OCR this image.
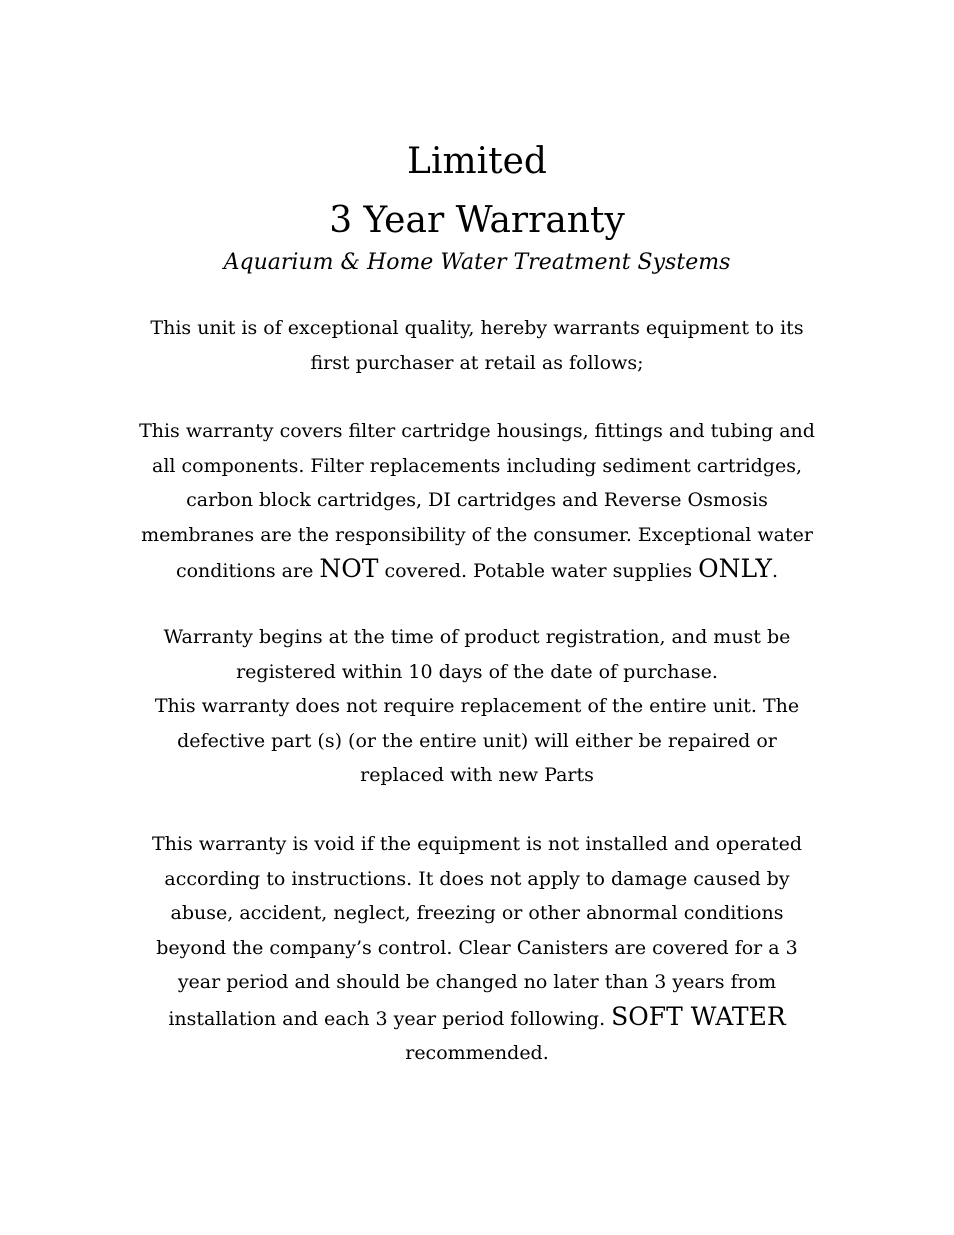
Limited
3 Year Warranty
Aquarium & Home Water Treatment Systems

This unit is of exceptional quality, hereby warrants equipment to its first purchaser at retail as follows;

This warranty covers filter cartridge housings, fittings and tubing and all components. Filter replacements including sediment cartridges, carbon block cartridges, DI cartridges and Reverse Osmosis membranes are the responsibility of the consumer. Exceptional water conditions are NOT covered. Potable water supplies ONLY.

Warranty begins at the time of product registration, and must be registered within 10 days of the date of purchase.

This warranty does not require replacement of the entire unit. The defective part (s) (or the entire unit) will either be repaired or replaced with new Parts

This warranty is void if the equipment is not installed and operated according to instructions. It does not apply to damage caused by abuse, accident, neglect, freezing or other abnormal conditions beyond the company’s control. Clear Canisters are covered for a 3 year period and should be changed no later than 3 years from installation and each 3 year period following. SOFT WATER recommended.
